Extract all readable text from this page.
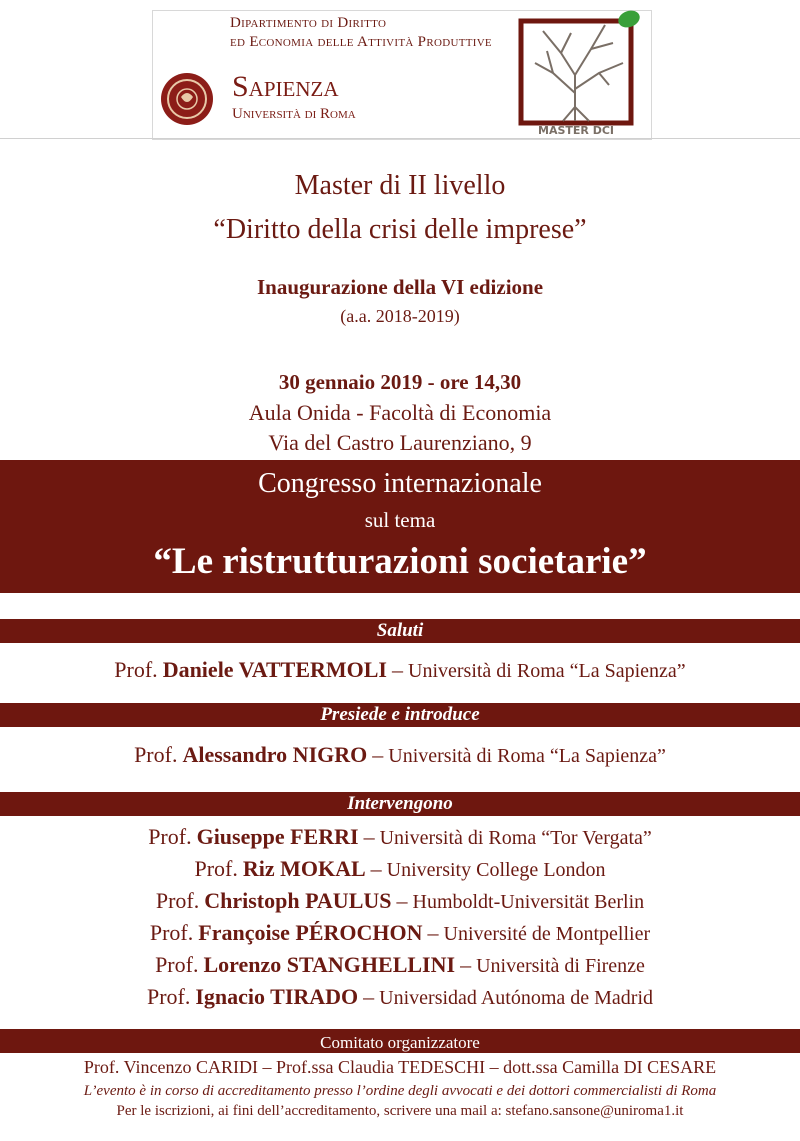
Dipartimento di Diritto
ed Economia delle Attività Produttive
Sapienza
Università di Roma
MASTER DCI
Master di II livello
“Diritto della crisi delle imprese”
Inaugurazione della VI edizione
(a.a. 2018-2019)
30 gennaio 2019 - ore 14,30
Aula Onida - Facoltà di Economia
Via del Castro Laurenziano, 9
Congresso internazionale
sul tema
“Le ristrutturazioni societarie”
Saluti
Prof. Daniele VATTERMOLI – Università di Roma “La Sapienza”
Presiede e introduce
Prof. Alessandro NIGRO – Università di Roma “La Sapienza”
Intervengono
Prof. Giuseppe FERRI – Università di Roma “Tor Vergata”
Prof. Riz MOKAL – University College London
Prof. Christoph PAULUS – Humboldt-Universität Berlin
Prof. Françoise PÉROCHON – Université de Montpellier
Prof. Lorenzo STANGHELLINI – Università di Firenze
Prof. Ignacio TIRADO – Universidad Autónoma de Madrid
Comitato organizzatore
Prof. Vincenzo CARIDI – Prof.ssa Claudia TEDESCHI – dott.ssa Camilla DI CESARE
L’evento è in corso di accreditamento presso l’ordine degli avvocati e dei dottori commercialisti di Roma
Per le iscrizioni, ai fini dell’accreditamento, scrivere una mail a: stefano.sansone@uniroma1.it
